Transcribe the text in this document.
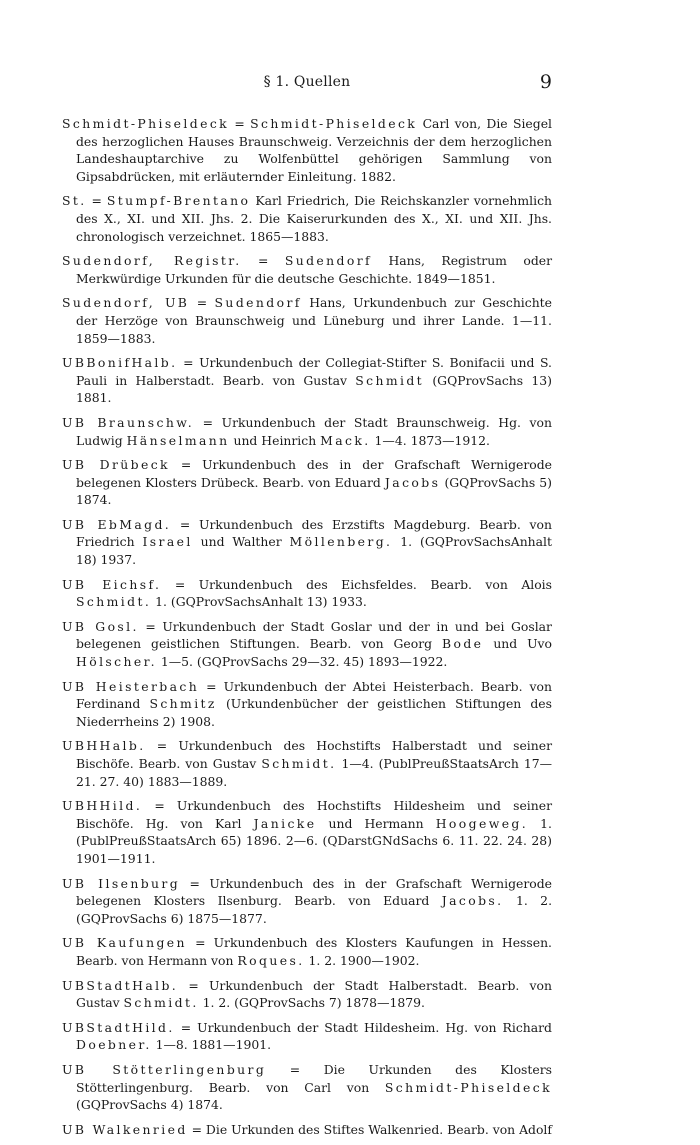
§ 1. Quellen	9

Schmidt-Phiseldeck = Schmidt-Phiseldeck Carl von, Die Siegel des herzoglichen Hauses Braunschweig. Verzeichnis der dem herzoglichen Landeshauptarchive zu Wolfenbüttel gehörigen Sammlung von Gipsabdrücken, mit erläuternder Einleitung. 1882.

St. = Stumpf-Brentano Karl Friedrich, Die Reichskanzler vornehmlich des X., XI. und XII. Jhs. 2. Die Kaiserurkunden des X., XI. und XII. Jhs. chronologisch verzeichnet. 1865—1883.

Sudendorf, Registr. = Sudendorf Hans, Registrum oder Merkwürdige Urkunden für die deutsche Geschichte. 1849—1851.

Sudendorf, UB = Sudendorf Hans, Urkundenbuch zur Geschichte der Herzöge von Braunschweig und Lüneburg und ihrer Lande. 1—11. 1859—1883.

UBBonifHalb. = Urkundenbuch der Collegiat-Stifter S. Bonifacii und S. Pauli in Halberstadt. Bearb. von Gustav Schmidt (GQProvSachs 13) 1881.

UB Braunschw. = Urkundenbuch der Stadt Braunschweig. Hg. von Ludwig Hänselmann und Heinrich Mack. 1—4. 1873—1912.

UB Drübeck = Urkundenbuch des in der Grafschaft Wernigerode belegenen Klosters Drübeck. Bearb. von Eduard Jacobs (GQProvSachs 5) 1874.

UB EbMagd. = Urkundenbuch des Erzstifts Magdeburg. Bearb. von Friedrich Israel und Walther Möllenberg. 1. (GQProvSachsAnhalt 18) 1937.

UB Eichsf. = Urkundenbuch des Eichsfeldes. Bearb. von Alois Schmidt. 1. (GQProvSachsAnhalt 13) 1933.

UB Gosl. = Urkundenbuch der Stadt Goslar und der in und bei Goslar belegenen geistlichen Stiftungen. Bearb. von Georg Bode und Uvo Hölscher. 1—5. (GQProvSachs 29—32. 45) 1893—1922.

UB Heisterbach = Urkundenbuch der Abtei Heisterbach. Bearb. von Ferdinand Schmitz (Urkundenbücher der geistlichen Stiftungen des Niederrheins 2) 1908.

UBHHalb. = Urkundenbuch des Hochstifts Halberstadt und seiner Bischöfe. Bearb. von Gustav Schmidt. 1—4. (PublPreußStaatsArch 17—21. 27. 40) 1883—1889.

UBHHild. = Urkundenbuch des Hochstifts Hildesheim und seiner Bischöfe. Hg. von Karl Janicke und Hermann Hoogeweg. 1. (PublPreußStaatsArch 65) 1896. 2—6. (QDarstGNdSachs 6. 11. 22. 24. 28) 1901—1911.

UB Ilsenburg = Urkundenbuch des in der Grafschaft Wernigerode belegenen Klosters Ilsenburg. Bearb. von Eduard Jacobs. 1. 2. (GQProvSachs 6) 1875—1877.

UB Kaufungen = Urkundenbuch des Klosters Kaufungen in Hessen. Bearb. von Hermann von Roques. 1. 2. 1900—1902.

UBStadtHalb. = Urkundenbuch der Stadt Halberstadt. Bearb. von Gustav Schmidt. 1. 2. (GQProvSachs 7) 1878—1879.

UBStadtHild. = Urkundenbuch der Stadt Hildesheim. Hg. von Richard Doebner. 1—8. 1881—1901.

UB Stötterlingenburg = Die Urkunden des Klosters Stötterlingenburg. Bearb. von Carl von Schmidt-Phiseldeck (GQProvSachs 4) 1874.

UB Walkenried = Die Urkunden des Stiftes Walkenried. Bearb. von Adolf
